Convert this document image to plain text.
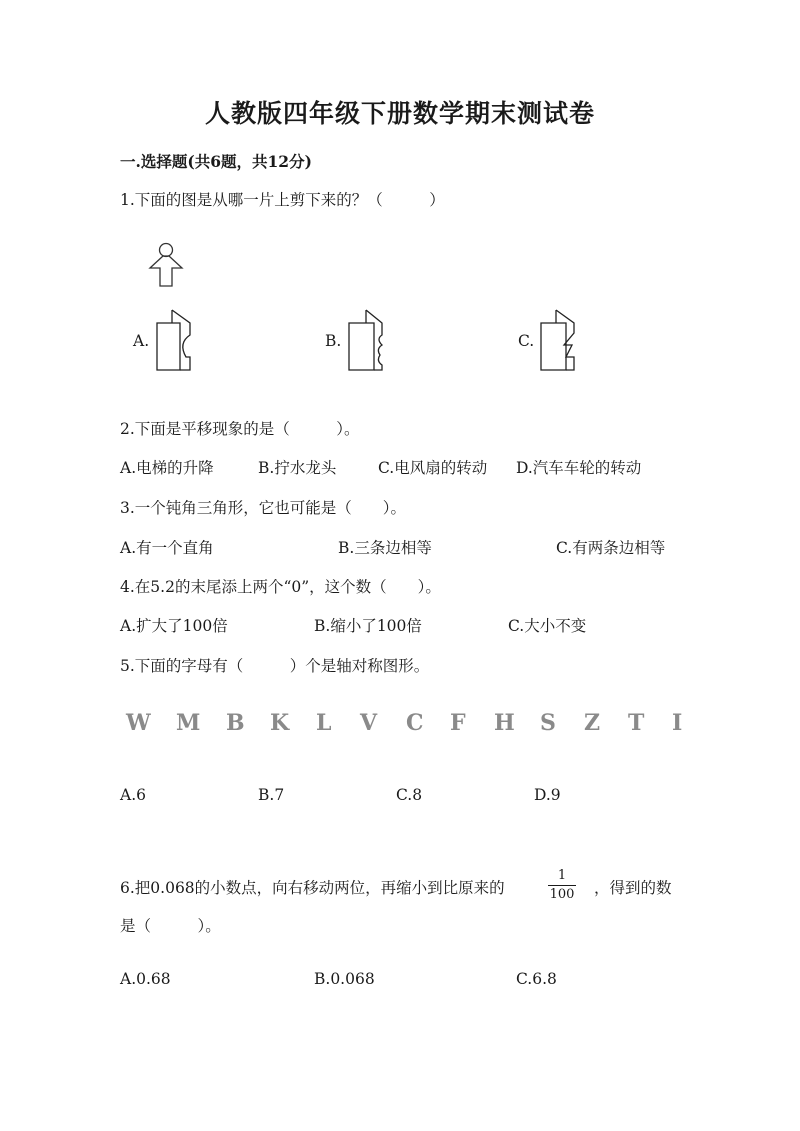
人教版四年级下册数学期末测试卷
一.选择题(共6题，共12分)
1.下面的图是从哪一片上剪下来的？（　　　）
A.	B.	C.
2.下面是平移现象的是（　　　）。
A.电梯的升降	B.拧水龙头	C.电风扇的转动 D.汽车车轮的转动
3.一个钝角三角形，它也可能是（　　）。
A.有一个直角	B.三条边相等	C.有两条边相等
4.在5.2的末尾添上两个“0”，这个数（　　）。
A.扩大了100倍	B.缩小了100倍	C.大小不变
5.下面的字母有（　　　）个是轴对称图形。
W M B K L V C F H S Z T I
A.6	B.7	C.8	D.9
6.把0.068的小数点，向右移动两位，再缩小到比原来的
1
100 ，得到的数
是（　　　）。
A.0.68	B.0.068	C.6.8
